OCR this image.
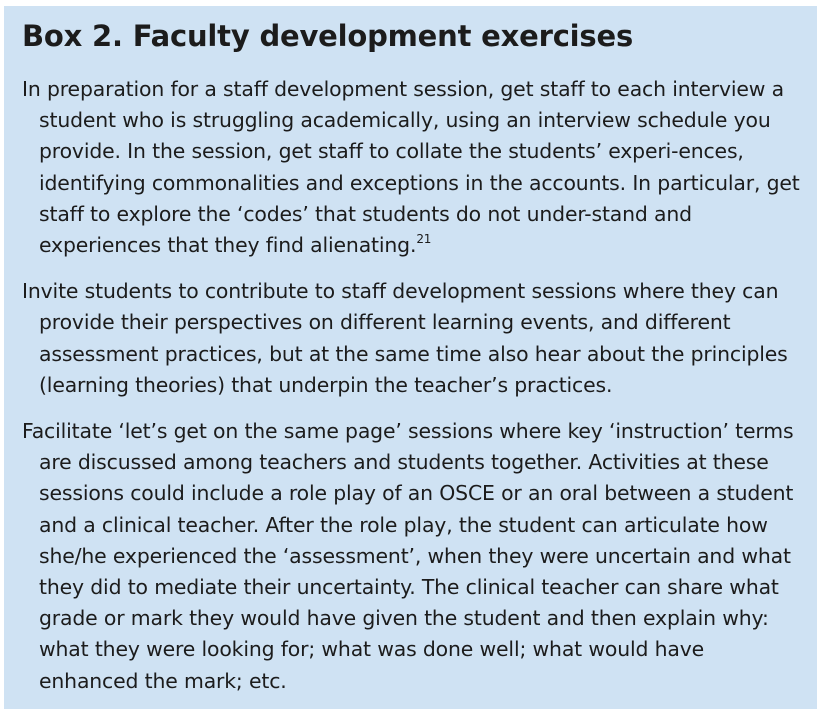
Box 2. Faculty development exercises
In preparation for a staff development session, get staff to each interview a student who is struggling academically, using an interview schedule you provide. In the session, get staff to collate the students’ experi-ences, identifying commonalities and exceptions in the accounts. In particular, get staff to explore the ‘codes’ that students do not under-stand and experiences that they find alienating.$^{21}$
Invite students to contribute to staff development sessions where they can provide their perspectives on different learning events, and different assessment practices, but at the same time also hear about the principles (learning theories) that underpin the teacher’s practices.
Facilitate ‘let’s get on the same page’ sessions where key ‘instruction’ terms are discussed among teachers and students together. Activities at these sessions could include a role play of an OSCE or an oral between a student and a clinical teacher. After the role play, the student can articulate how she/he experienced the ‘assessment’, when they were uncertain and what they did to mediate their uncertainty. The clinical teacher can share what grade or mark they would have given the student and then explain why: what they were looking for; what was done well; what would have enhanced the mark; etc.
